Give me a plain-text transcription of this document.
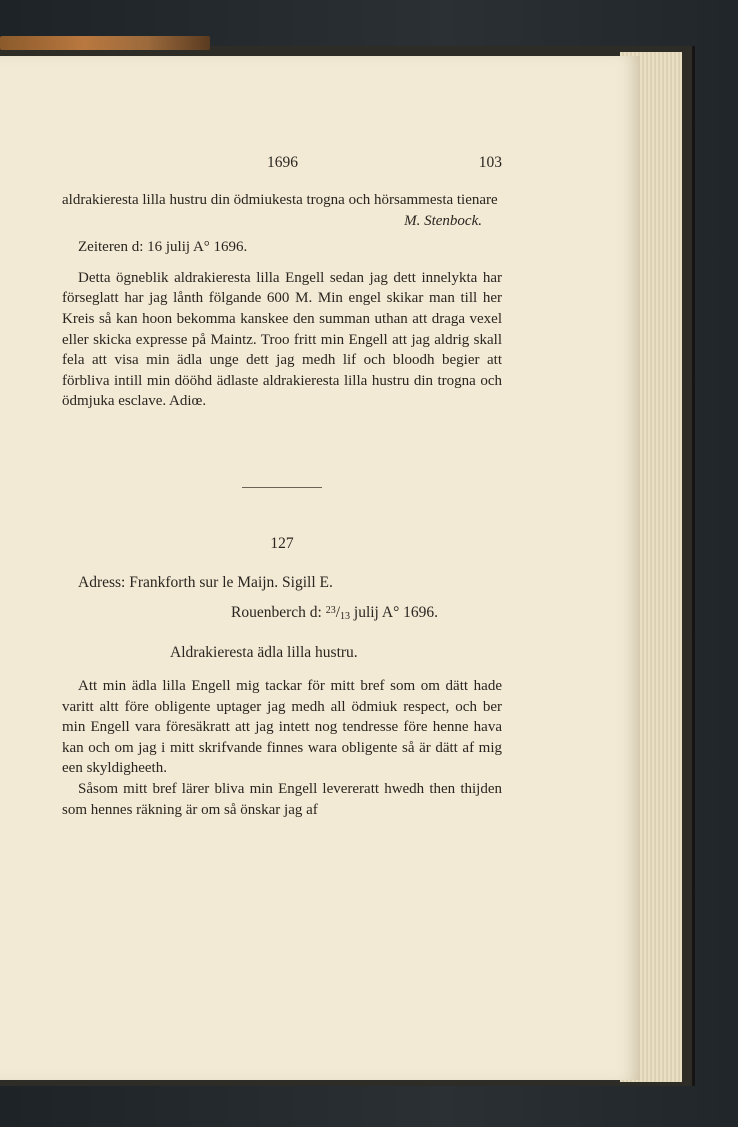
1696	103

aldrakieresta lilla hustru din ödmiukesta trogna och hörsammesta tienare

M. Stenbock.

Zeiteren d: 16 julij A° 1696.

Detta ögneblik aldrakieresta lilla Engell sedan jag dett innelykta har förseglatt har jag lånth fölgande 600 M. Min engel skikar man till her Kreis så kan hoon bekomma kanskee den summan uthan att draga vexel eller skicka expresse på Maintz. Troo fritt min Engell att jag aldrig skall fela att visa min ädla unge dett jag medh lif och bloodh begier att förbliva intill min dööhd ädlaste aldrakieresta lilla hustru din trogna och ödmjuka esclave. Adiœ.

127
Adress: Frankforth sur le Maijn. Sigill E.
Rouenberch d: $^{23}$/13 julij A° 1696.
Aldrakieresta ädla lilla hustru.

Att min ädla lilla Engell mig tackar för mitt bref som om dätt hade varitt altt före obligente uptager jag medh all ödmiuk respect, och ber min Engell vara föresäkratt att jag intett nog tendresse före henne hava kan och om jag i mitt skrifvande finnes wara obligente så är dätt af mig een skyldigheeth.

Såsom mitt bref lärer bliva min Engell levereratt hwedh then thijden som hennes räkning är om så önskar jag af
